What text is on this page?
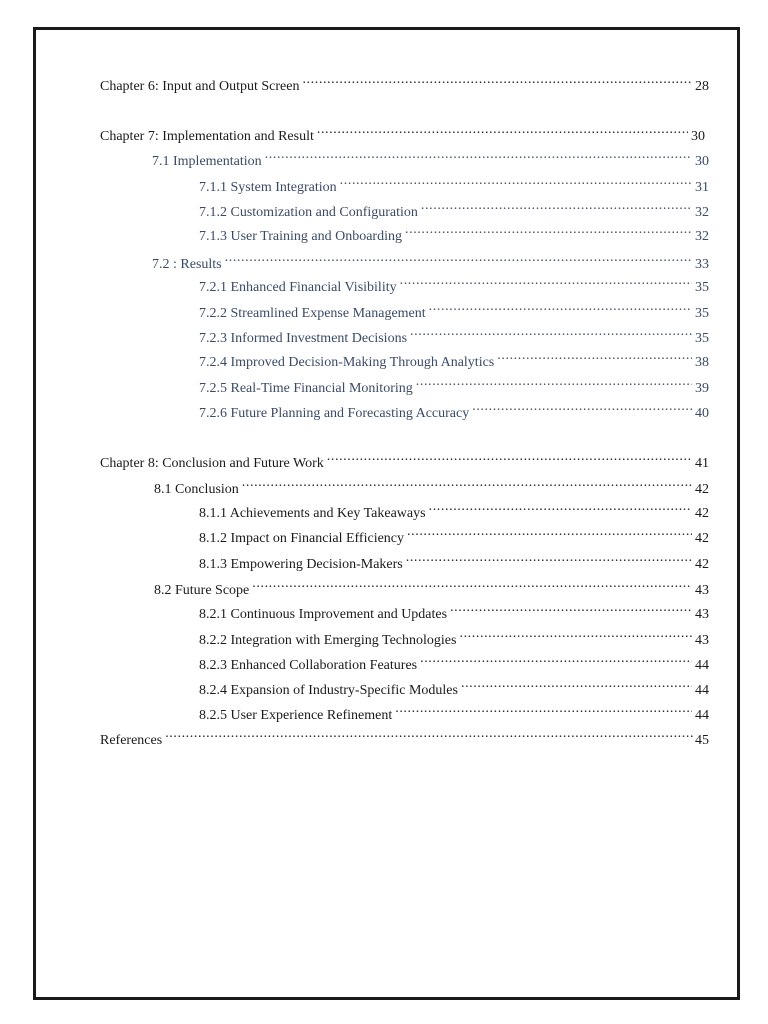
Chapter 6: Input and Output Screen .....	28
Chapter 7: Implementation and Result .....	30
7.1 Implementation .....	30
7.1.1 System Integration .....	31
7.1.2 Customization and Configuration .....	32
7.1.3 User Training and Onboarding .....	32
7.2 : Results .....	33
7.2.1 Enhanced Financial Visibility .....	35
7.2.2 Streamlined Expense Management .....	35
7.2.3 Informed Investment Decisions .....	35
7.2.4 Improved Decision-Making Through Analytics .....	38
7.2.5 Real-Time Financial Monitoring .....	39
7.2.6 Future Planning and Forecasting Accuracy .....	40
Chapter 8: Conclusion and Future Work .....	41
8.1 Conclusion .....	42
8.1.1 Achievements and Key Takeaways .....	42
8.1.2 Impact on Financial Efficiency .....	42
8.1.3 Empowering Decision-Makers .....	42
8.2 Future Scope .....	43
8.2.1 Continuous Improvement and Updates .....	43
8.2.2 Integration with Emerging Technologies .....	43
8.2.3 Enhanced Collaboration Features .....	44
8.2.4 Expansion of Industry-Specific Modules .....	44
8.2.5 User Experience Refinement .....	44
References .....	45
